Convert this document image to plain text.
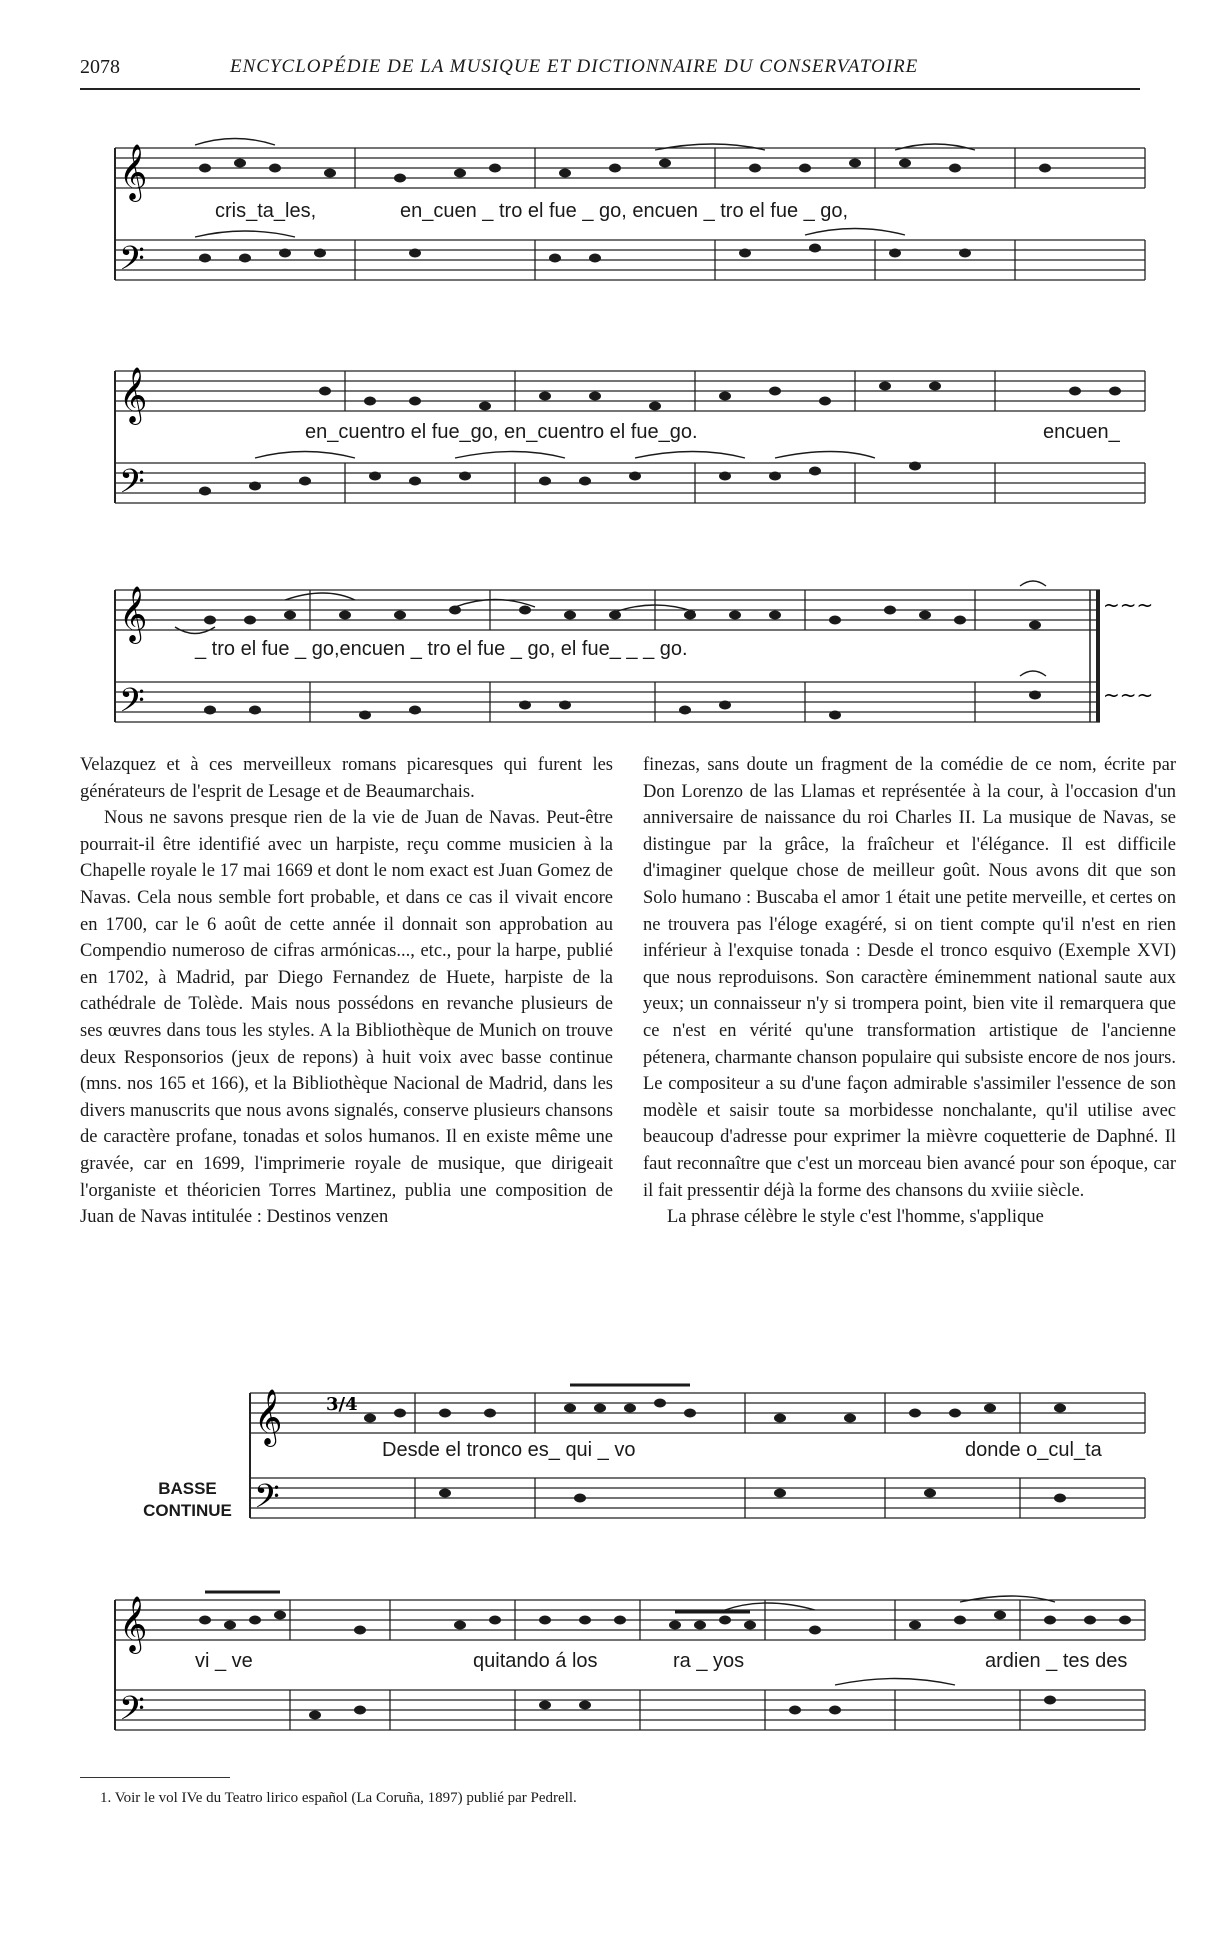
2078	ENCYCLOPÉDIE DE LA MUSIQUE ET DICTIONNAIRE DU CONSERVATOIRE
𝄞
𝄢
cris_ta_les,	en_cuen _ tro el fue _ go, encuen _ tro el fue _ go,
𝄞
𝄢
en_cuentro el fue_go, en_cuentro el fue_go.	encuen_
𝄞
𝄢
~~~
~~~
_ tro el fue _ go,encuen _ tro el fue _ go, el fue_ _ _ go.

Velazquez et à ces merveilleux romans picaresques qui furent les générateurs de l'esprit de Lesage et de Beaumarchais.

Nous ne savons presque rien de la vie de Juan de Navas. Peut-être pourrait-il être identifié avec un harpiste, reçu comme musicien à la Chapelle royale le 17 mai 1669 et dont le nom exact est Juan Gomez de Navas. Cela nous semble fort probable, et dans ce cas il vivait encore en 1700, car le 6 août de cette année il donnait son approbation au Compendio numeroso de cifras armónicas..., etc., pour la harpe, publié en 1702, à Madrid, par Diego Fernandez de Huete, harpiste de la cathédrale de Tolède. Mais nous possédons en revanche plusieurs de ses œuvres dans tous les styles. A la Bibliothèque de Munich on trouve deux Responsorios (jeux de repons) à huit voix avec basse continue (mns. nos 165 et 166), et la Bibliothèque Nacional de Madrid, dans les divers manuscrits que nous avons signalés, conserve plusieurs chansons de caractère profane, tonadas et solos humanos. Il en existe même une gravée, car en 1699, l'imprimerie royale de musique, que dirigeait l'organiste et théoricien Torres Martinez, publia une composition de Juan de Navas intitulée : Destinos venzen

finezas, sans doute un fragment de la comédie de ce nom, écrite par Don Lorenzo de las Llamas et représentée à la cour, à l'occasion d'un anniversaire de naissance du roi Charles II. La musique de Navas, se distingue par la grâce, la fraîcheur et l'élégance. Il est difficile d'imaginer quelque chose de meilleur goût. Nous avons dit que son Solo humano : Buscaba el amor 1 était une petite merveille, et certes on ne trouvera pas l'éloge exagéré, si on tient compte qu'il n'est en rien inférieur à l'exquise tonada : Desde el tronco esquivo (Exemple XVI) que nous reproduisons. Son caractère éminemment national saute aux yeux; un connaisseur n'y si trompera point, bien vite il remarquera que ce n'est en vérité qu'une transformation artistique de l'ancienne pétenera, charmante chanson populaire qui subsiste encore de nos jours. Le compositeur a su d'une façon admirable s'assimiler l'essence de son modèle et saisir toute sa morbidesse nonchalante, qu'il utilise avec beaucoup d'adresse pour exprimer la mièvre coquetterie de Daphné. Il faut reconnaître que c'est un morceau bien avancé pour son époque, car il fait pressentir déjà la forme des chansons du xviiie siècle.

La phrase célèbre le style c'est l'homme, s'applique

𝄞
𝄢
3/4
Desde el tronco es_ qui _ vo	donde o_cul_ta
BASSE
CONTINUE
𝄞
𝄢
vi _ ve	quitando á los	ra _ yos	ardien _ tes des
1. Voir le vol IVe du Teatro lirico español (La Coruña, 1897) publié par Pedrell.
